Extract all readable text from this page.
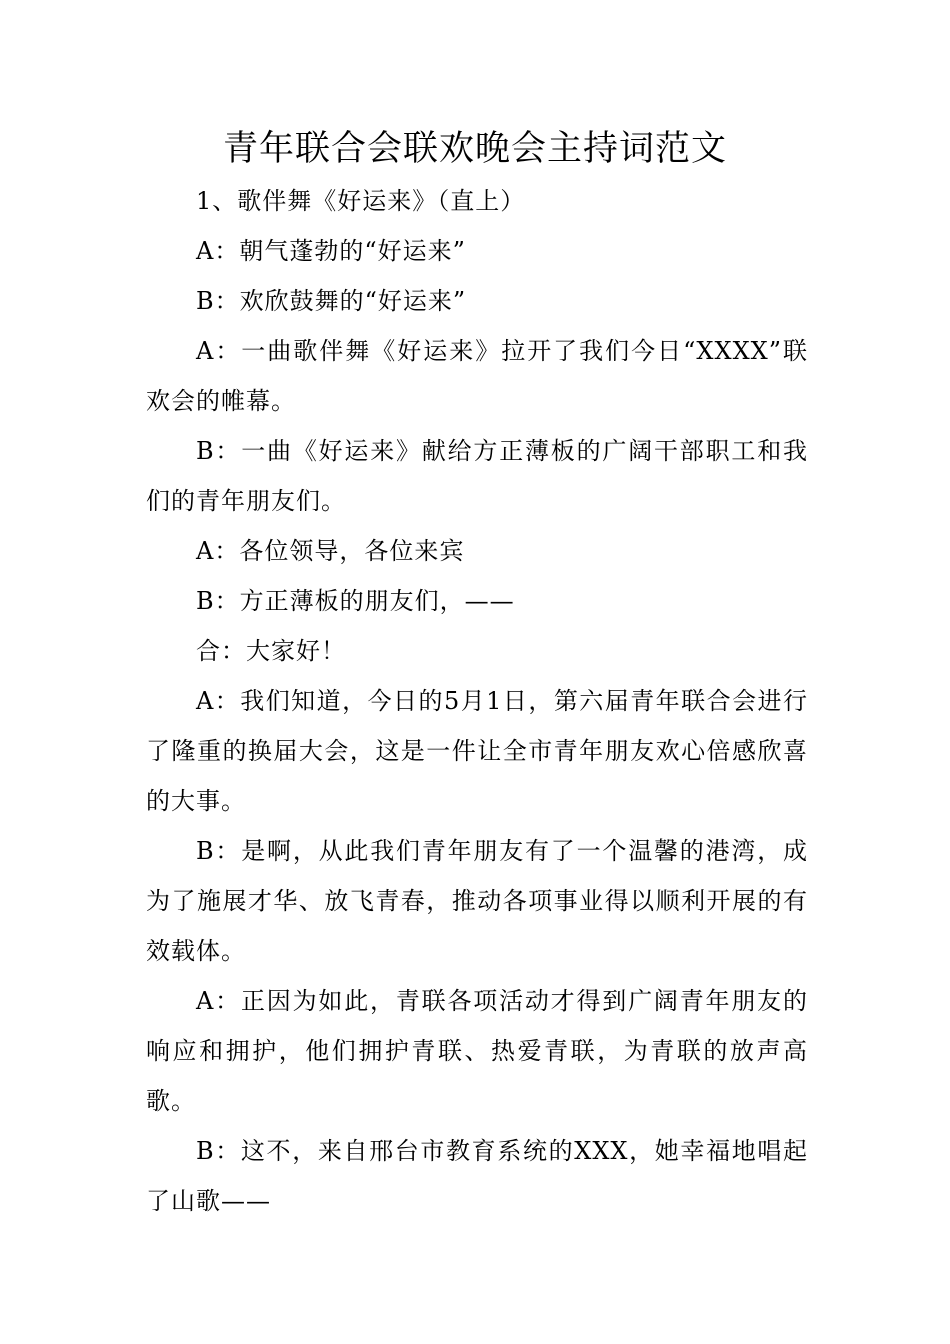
青年联合会联欢晚会主持词范文

1、歌伴舞《好运来》（直上）

A：朝气蓬勃的“好运来”

B：欢欣鼓舞的“好运来”

A：一曲歌伴舞《好运来》拉开了我们今日“XXXX”联欢会的帷幕。

B：一曲《好运来》献给方正薄板的广阔干部职工和我们的青年朋友们。

A：各位领导，各位来宾

B：方正薄板的朋友们，——

合：大家好！

A：我们知道，今日的5月1日，第六届青年联合会进行了隆重的换届大会，这是一件让全市青年朋友欢心倍感欣喜的大事。

B：是啊，从此我们青年朋友有了一个温馨的港湾，成为了施展才华、放飞青春，推动各项事业得以顺利开展的有效载体。

A：正因为如此，青联各项活动才得到广阔青年朋友的响应和拥护，他们拥护青联、热爱青联，为青联的放声高歌。

B：这不，来自邢台市教育系统的XXX，她幸福地唱起了山歌——
